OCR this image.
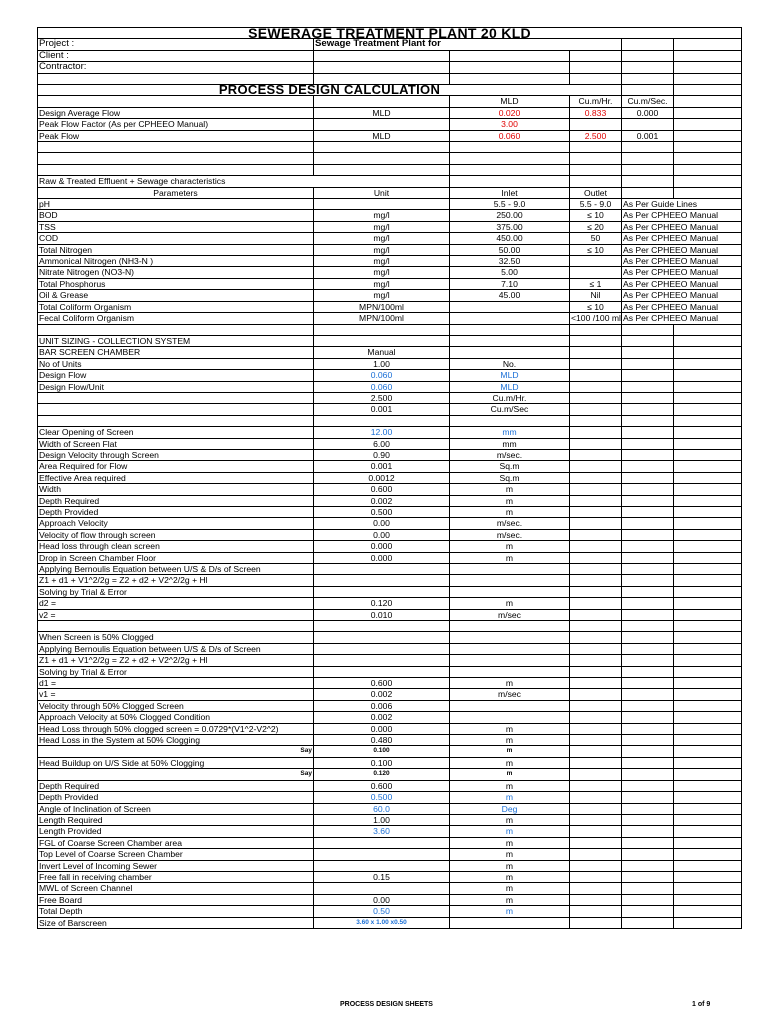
SEWERAGE TREATMENT PLANT 20 KLD					
Project :	Sewage Treatment Plant for				
Client :					
Contractor:					

PROCESS DESIGN CALCULATION					
		MLD	Cu.m/Hr.	Cu.m/Sec.	
Design Average Flow	MLD	0.020	0.833	0.000	
Peak Flow Factor (As per CPHEEO Manual)		3.00			
Peak Flow	MLD	0.060	2.500	0.001	

Raw & Treated Effluent + Sewage characteristics					
Parameters	Unit	Inlet	Outlet		
pH		5.5 - 9.0	5.5 - 9.0	As Per Guide Lines	
BOD	mg/l	250.00	≤ 10	As Per CPHEEO Manual	
TSS	mg/l	375.00	≤ 20	As Per CPHEEO Manual	
COD	mg/l	450.00	50	As Per CPHEEO Manual	
Total Nitrogen	mg/l	50.00	≤ 10	As Per CPHEEO Manual	
Ammonical Nitrogen (NH3-N )	mg/l	32.50		As Per CPHEEO Manual	
Nitrate Nitrogen (NO3-N)	mg/l	5.00		As Per CPHEEO Manual	
Total Phosphorus	mg/l	7.10	≤ 1	As Per CPHEEO Manual	
Oil & Grease	mg/l	45.00	Nil	As Per CPHEEO Manual	
Total Coliform Organism	MPN/100ml		≤ 10	As Per CPHEEO Manual	
Fecal Coliform Organism	MPN/100ml		<100 /100 ml	As Per CPHEEO Manual	

UNIT SIZING - COLLECTION SYSTEM					
BAR SCREEN CHAMBER	Manual				
No of Units	1.00	No.			
Design Flow	0.060	MLD			
Design Flow/Unit	0.060	MLD			
	2.500	Cu.m/Hr.			
	0.001	Cu.m/Sec			

Clear Opening of Screen	12.00	mm			
Width of Screen Flat	6.00	mm			
Design Velocity through Screen	0.90	m/sec.			
Area Required for Flow	0.001	Sq.m			
Effective Area required	0.0012	Sq.m			
Width	0.600	m			
Depth Required	0.002	m			
Depth Provided	0.500	m			
Approach Velocity	0.00	m/sec.			
Velocity of flow through screen	0.00	m/sec.			
Head loss through clean screen	0.000	m			
Drop in Screen Chamber Floor	0.000	m			
Applying Bernoulis Equation between U/S & D/s of Screen					
Z1 + d1 + V1^2/2g = Z2 + d2 + V2^2/2g + Hl					
Solving by Trial & Error					
d2 =	0.120	m			
v2 =	0.010	m/sec			

When Screen is 50% Clogged					
Applying Bernoulis Equation between U/S & D/s of Screen					
Z1 + d1 + V1^2/2g = Z2 + d2 + V2^2/2g + Hl					
Solving by Trial & Error					
d1 =	0.600	m			
v1 =	0.002	m/sec			
Velocity through 50% Clogged Screen	0.006				
Approach Velocity at 50% Clogged Condition	0.002				
Head Loss through 50% clogged screen = 0.0729*(V1^2-V2^2)	0.000	m			
Head Loss in the System at 50% Clogging	0.480	m			
Say	0.100	m			
Head Buildup on U/S Side at 50% Clogging	0.100	m			
Say	0.120	m			
Depth Required	0.600	m			
Depth Provided	0.500	m			
Angle of Inclination of Screen	60.0	Deg			
Length Required	1.00	m			
Length Provided	3.60	m			
FGL of Coarse Screen Chamber area		m			
Top Level of Coarse Screen Chamber		m			
Invert Level of Incoming Sewer		m			
Free fall in receiving chamber	0.15	m			
MWL of Screen Channel		m			
Free Board	0.00	m			
Total Depth	0.50	m			
Size of Barscreen	3.60 x 1.00 x0.50				
PROCESS DESIGN SHEETS	1 of 9
